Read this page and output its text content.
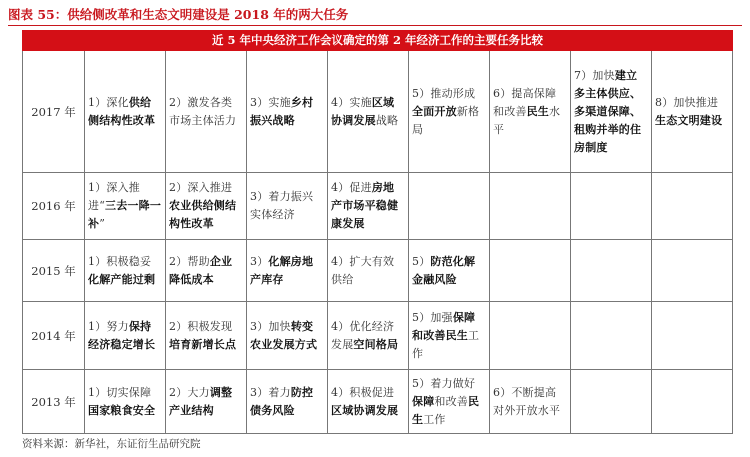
图表 55：供给侧改革和生态文明建设是 2018 年的两大任务
近 5 年中央经济工作会议确定的第 2 年经济工作的主要任务比较								
2017 年	1）深化供给侧结构性改革	2）激发各类市场主体活力	3）实施乡村振兴战略	4）实施区域协调发展战略	5）推动形成全面开放新格局	6）提高保障和改善民生水平	7）加快建立多主体供应、多渠道保障、租购并举的住房制度	8）加快推进生态文明建设
2016 年	1）深入推进“三去一降一补”	2）深入推进农业供给侧结构性改革	3）着力振兴实体经济	4）促进房地产市场平稳健康发展				
2015 年	1）积极稳妥化解产能过剩	2）帮助企业降低成本	3）化解房地产库存	4）扩大有效供给	5）防范化解金融风险			
2014 年	1）努力保持经济稳定增长	2）积极发现培育新增长点	3）加快转变农业发展方式	4）优化经济发展空间格局	5）加强保障和改善民生工作			
2013 年	1）切实保障国家粮食安全	2）大力调整产业结构	3）着力防控债务风险	4）积极促进区域协调发展	5）着力做好保障和改善民生工作	6）不断提高对外开放水平		
资料来源：新华社，东证衍生品研究院
